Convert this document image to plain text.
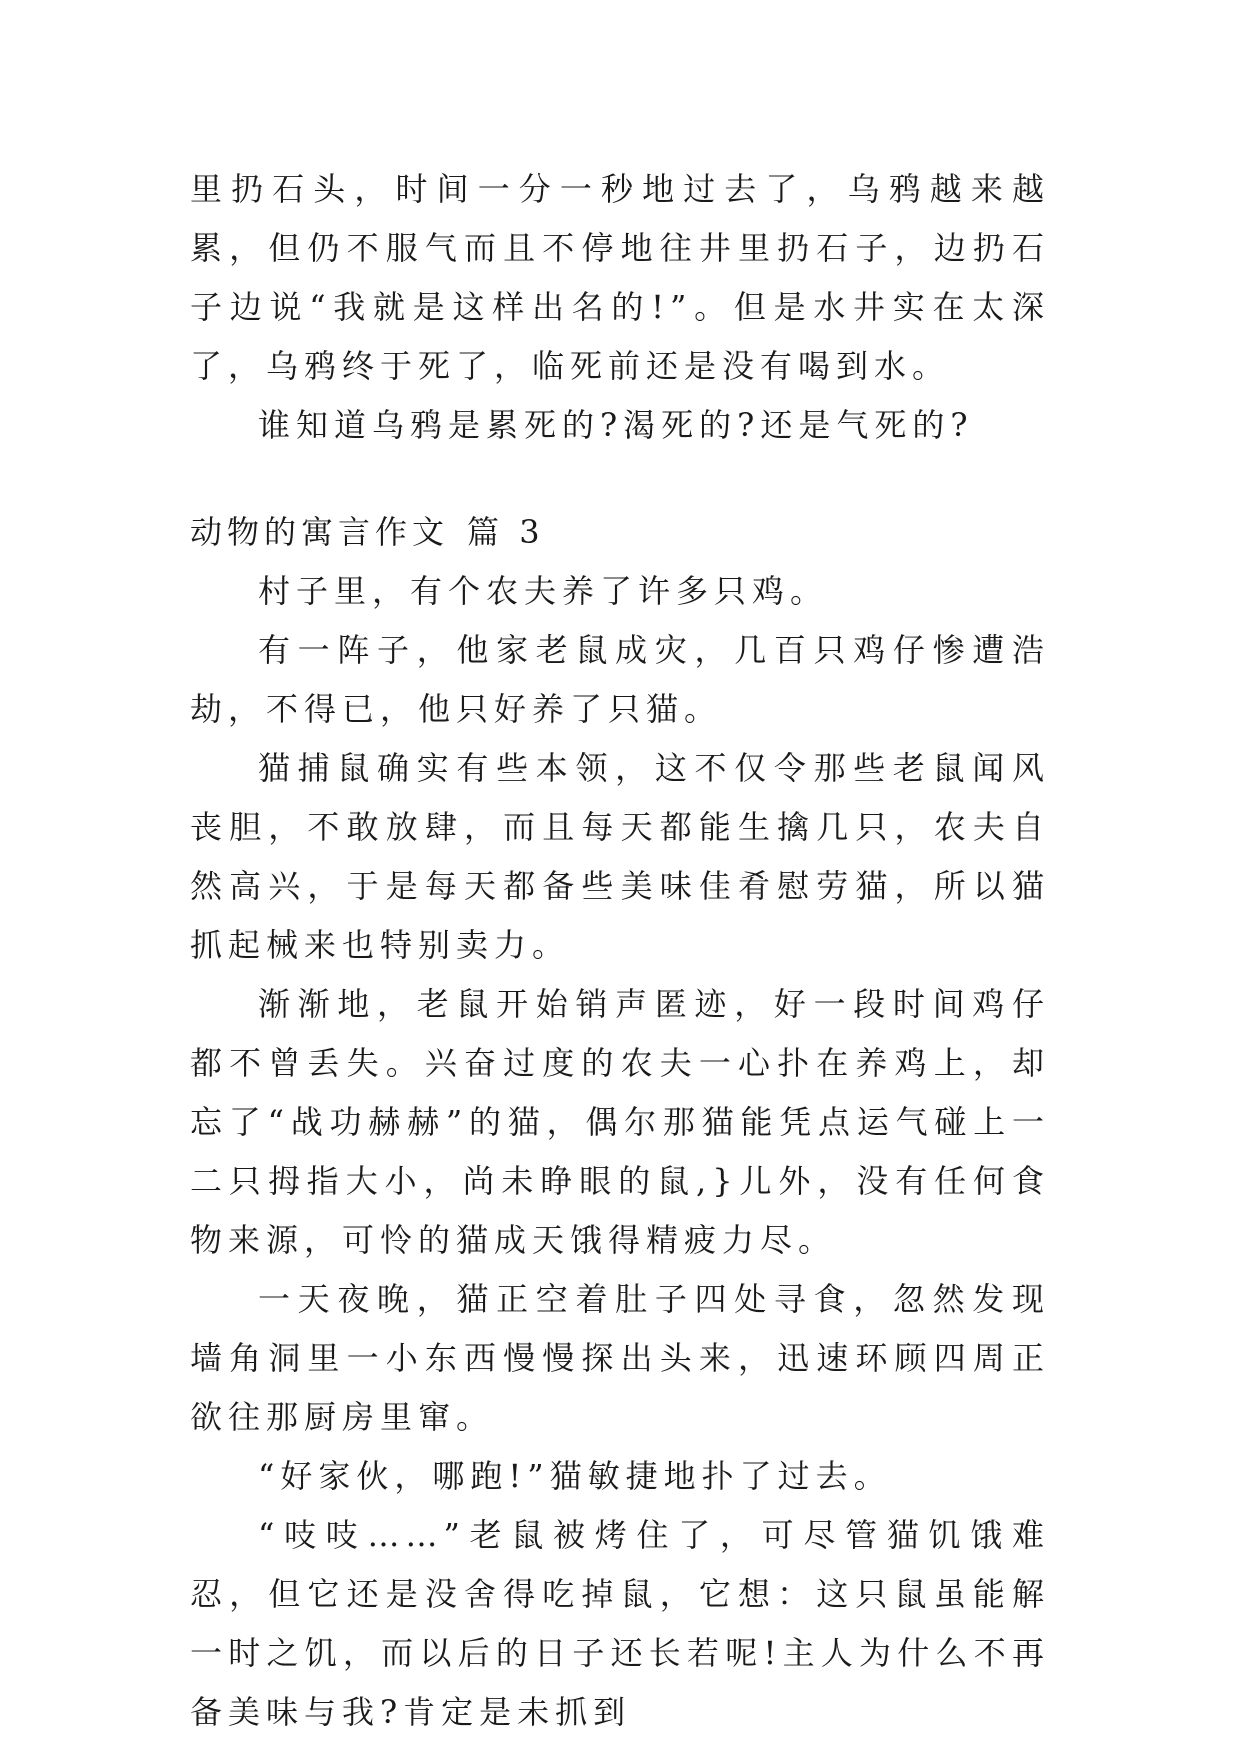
里扔石头，时间一分一秒地过去了，乌鸦越来越累，但仍不服气而且不停地往井里扔石子，边扔石子边说“我就是这样出名的!”。但是水井实在太深了，乌鸦终于死了，临死前还是没有喝到水。

谁知道乌鸦是累死的?渴死的?还是气死的?

动物的寓言作文 篇 3

村子里，有个农夫养了许多只鸡。

有一阵子，他家老鼠成灾，几百只鸡仔惨遭浩劫，不得已，他只好养了只猫。

猫捕鼠确实有些本领，这不仅令那些老鼠闻风丧胆，不敢放肆，而且每天都能生擒几只，农夫自然高兴，于是每天都备些美味佳肴慰劳猫，所以猫抓起械来也特别卖力。

渐渐地，老鼠开始销声匿迹，好一段时间鸡仔都不曾丢失。兴奋过度的农夫一心扑在养鸡上，却忘了“战功赫赫”的猫，偶尔那猫能凭点运气碰上一二只拇指大小，尚未睁眼的鼠,}儿外，没有任何食物来源，可怜的猫成天饿得精疲力尽。

一天夜晚，猫正空着肚子四处寻食，忽然发现墙角洞里一小东西慢慢探出头来，迅速环顾四周正欲往那厨房里窜。

“好家伙，哪跑!”猫敏捷地扑了过去。

“吱吱……”老鼠被烤住了，可尽管猫饥饿难忍，但它还是没舍得吃掉鼠，它想：这只鼠虽能解一时之饥，而以后的日子还长若呢!主人为什么不再备美味与我?肯定是未抓到
